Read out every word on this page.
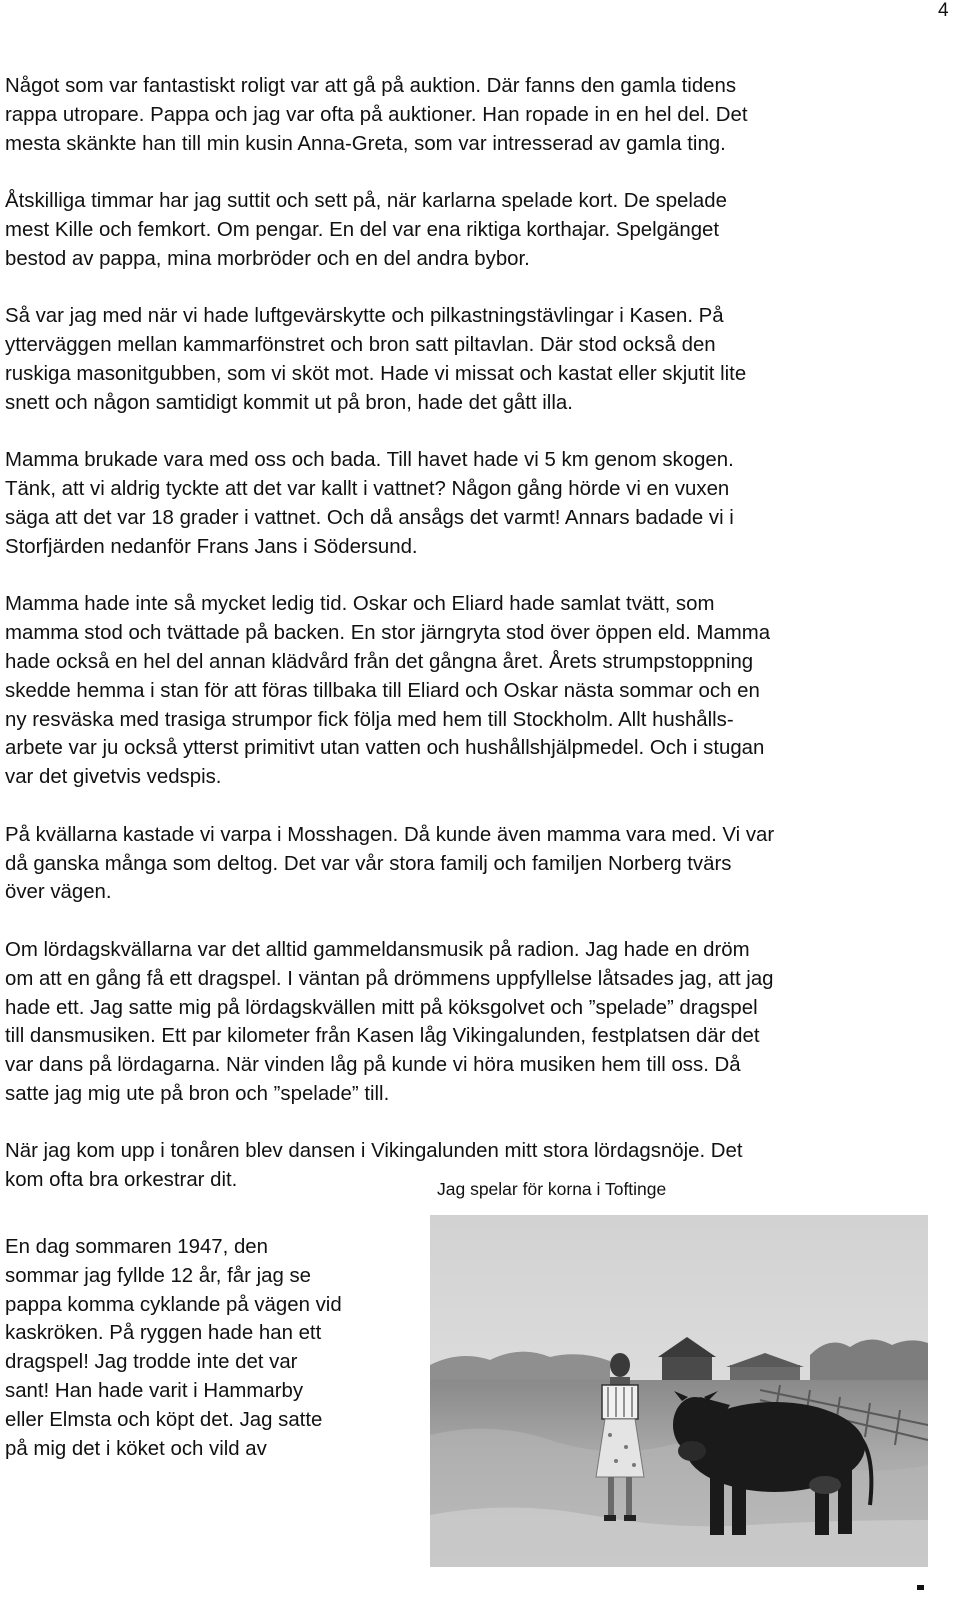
4

Något som var fantastiskt roligt var att gå på auktion. Där fanns den gamla tidens
rappa utropare. Pappa och jag var ofta på auktioner. Han ropade in en hel del. Det
mesta skänkte han till min kusin Anna-Greta, som var intresserad av gamla ting.

Åtskilliga timmar har jag suttit och sett på, när karlarna spelade kort. De spelade
mest Kille och femkort. Om pengar. En del var ena riktiga korthajar. Spelgänget
bestod av pappa, mina morbröder och en del andra bybor.

Så var jag med när vi hade luftgevärskytte och pilkastningstävlingar i Kasen. På
ytterväggen mellan kammarfönstret och bron satt piltavlan. Där stod också den
ruskiga masonitgubben, som vi sköt mot. Hade vi missat och kastat eller skjutit lite
snett och någon samtidigt kommit ut på bron, hade det gått illa.

Mamma brukade vara med oss och bada. Till havet hade vi 5 km genom skogen.
Tänk, att vi aldrig tyckte att det var kallt i vattnet? Någon gång hörde vi en vuxen
säga att det var 18 grader i vattnet. Och då ansågs det varmt! Annars badade vi i
Storfjärden nedanför Frans Jans i Södersund.

Mamma hade inte så mycket ledig tid. Oskar och Eliard hade samlat tvätt, som
mamma stod och tvättade på backen. En stor järngryta stod över öppen eld. Mamma
hade också en hel del annan klädvård från det gångna året. Årets strumpstoppning
skedde hemma i stan för att föras tillbaka till Eliard och Oskar nästa sommar och en
ny resväska med trasiga strumpor fick följa med hem till Stockholm. Allt hushålls-
arbete var ju också ytterst primitivt utan vatten och hushållshjälpmedel. Och i stugan
var det givetvis vedspis.

På kvällarna kastade vi varpa i Mosshagen. Då kunde även mamma vara med. Vi var
då ganska många som deltog. Det var vår stora familj och familjen Norberg tvärs
över vägen.

Om lördagskvällarna var det alltid gammeldansmusik på radion. Jag hade en dröm
om att en gång få ett dragspel. I väntan på drömmens uppfyllelse låtsades jag, att jag
hade ett. Jag satte mig på lördagskvällen mitt på köksgolvet och ”spelade” dragspel
till dansmusiken. Ett par kilometer från Kasen låg Vikingalunden, festplatsen där det
var dans på lördagarna. När vinden låg på kunde vi höra musiken hem till oss. Då
satte jag mig ute på bron och ”spelade” till.

När jag kom upp i tonåren blev dansen i Vikingalunden mitt stora lördagsnöje. Det
kom ofta bra orkestrar dit.	Jag spelar för korna i Toftinge
En dag sommaren 1947, den
sommar jag fyllde 12 år, får jag se
pappa komma cyklande på vägen vid
kaskröken. På ryggen hade han ett
dragspel! Jag trodde inte det var
sant! Han hade varit i Hammarby
eller Elmsta och köpt det. Jag satte
på mig det i köket och vild av
